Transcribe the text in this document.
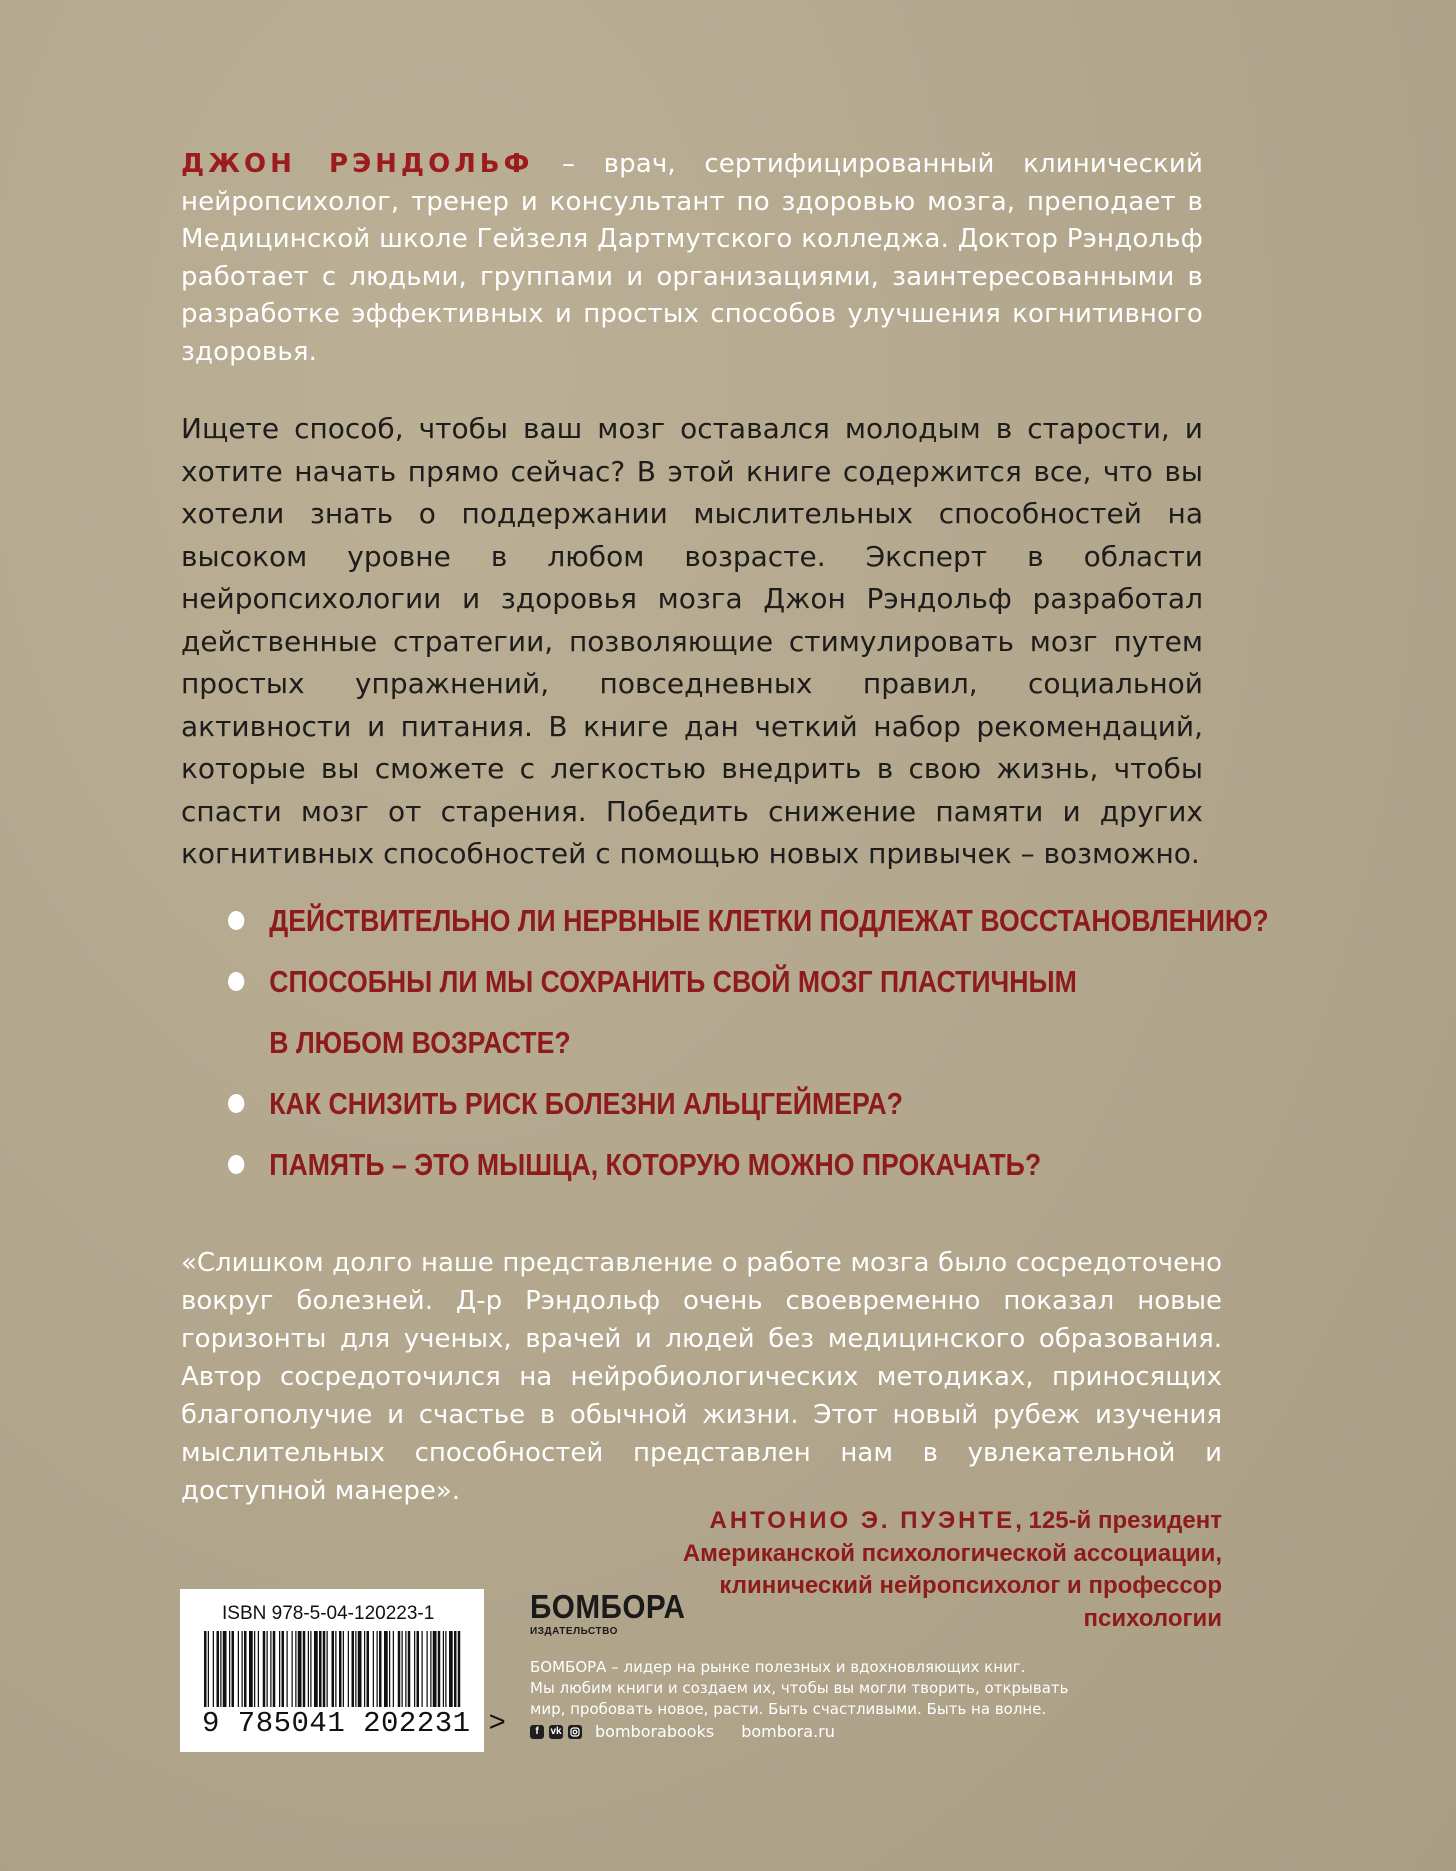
ДЖОН РЭНДОЛЬФ – врач, сертифицированный клинический нейропсихолог, тренер и консультант по здоровью мозга, преподает в Медицинской школе Гейзеля Дартмутского колледжа. Доктор Рэндольф работает с людьми, группами и организациями, заинтересованными в разработке эффективных и простых способов улучшения когнитивного здоровья.

Ищете способ, чтобы ваш мозг оставался молодым в старости, и хотите начать прямо сейчас? В этой книге содержится все, что вы хотели знать о поддержании мыслительных способностей на высоком уровне в любом возрасте. Эксперт в области нейропсихологии и здоровья мозга Джон Рэндольф разработал действенные стратегии, позволяющие стимулировать мозг путем простых упражнений, повседневных правил, социальной активности и питания. В книге дан четкий набор рекомендаций, которые вы сможете с легкостью внедрить в свою жизнь, чтобы спасти мозг от старения. Победить снижение памяти и других когнитивных способностей с помощью новых привычек – возможно.

ДЕЙСТВИТЕЛЬНО ЛИ НЕРВНЫЕ КЛЕТКИ ПОДЛЕЖАТ ВОССТАНОВЛЕНИЮ?
СПОСОБНЫ ЛИ МЫ СОХРАНИТЬ СВОЙ МОЗГ ПЛАСТИЧНЫМ
В ЛЮБОМ ВОЗРАСТЕ?
КАК СНИЗИТЬ РИСК БОЛЕЗНИ АЛЬЦГЕЙМЕРА?
ПАМЯТЬ – ЭТО МЫШЦА, КОТОРУЮ МОЖНО ПРОКАЧАТЬ?

«Слишком долго наше представление о работе мозга было сосредоточено вокруг болезней. Д-р Рэндольф очень своевременно показал новые горизонты для ученых, врачей и людей без медицинского образования. Автор сосредоточился на нейробиологических методиках, приносящих благополучие и счастье в обычной жизни. Этот новый рубеж изучения мыслительных способностей представлен нам в увлекательной и доступной манере».

АНТОНИО Э. ПУЭНТЕ, 125-й президент
Американской психологической ассоциации,
клинический нейропсихолог и профессор
психологии
ISBN 978-5-04-120223-1
9 785041 202231 >
БОМБОРА
ИЗДАТЕЛЬСТВО
БОМБОРА – лидер на рынке полезных и вдохновляющих книг.
Мы любим книги и создаем их, чтобы вы могли творить, открывать
мир, пробовать новое, расти. Быть счастливыми. Быть на волне.
f	vk bomborabooks bombora.ru
